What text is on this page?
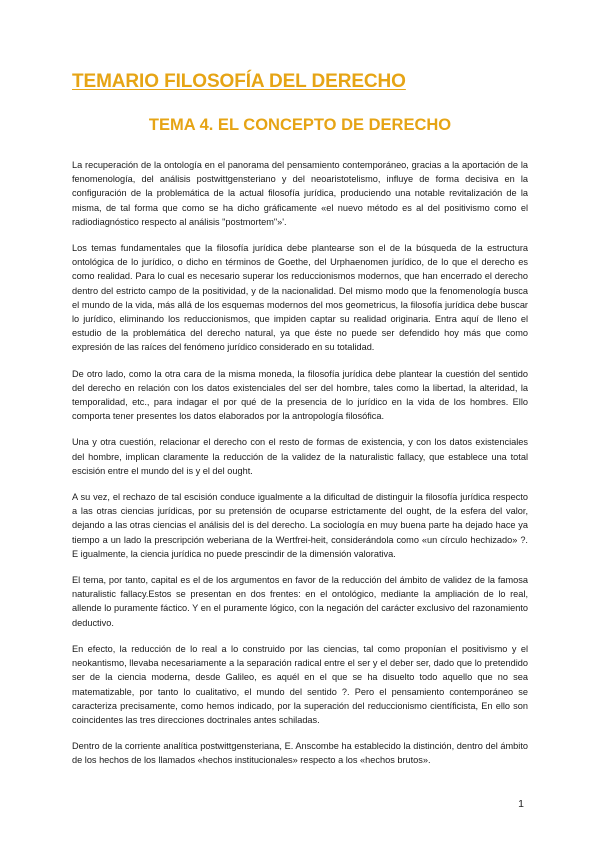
TEMARIO FILOSOFÍA DEL DERECHO
TEMA 4. EL CONCEPTO DE DERECHO

La recuperación de la ontología en el panorama del pensamiento contemporáneo, gracias a la aportación de la fenomenología, del análisis postwittgensteriano y del neoaristotelismo, influye de forma decisiva en la configuración de la problemática de la actual filosofía jurídica, produciendo una notable revitalización de la misma, de tal forma que como se ha dicho gráficamente «el nuevo método es al del positivismo como el radiodiagnóstico respecto al análisis "postmortem"»'.

Los temas fundamentales que la filosofía jurídica debe plantearse son el de la búsqueda de la estructura ontológica de lo jurídico, o dicho en términos de Goethe, del Urphaenomen jurídico, de lo que el derecho es como realidad. Para lo cual es necesario superar los reduccionismos modernos, que han encerrado el derecho dentro del estricto campo de la positividad, y de la nacionalidad. Del mismo modo que la fenomenología busca el mundo de la vida, más allá de los esquemas modernos del mos geometricus, la filosofía jurídica debe buscar lo jurídico, eliminando los reduccionismos, que impiden captar su realidad originaria. Entra aquí de lleno el estudio de la problemática del derecho natural, ya que éste no puede ser defendido hoy más que como expresión de las raíces del fenómeno jurídico considerado en su totalidad.

De otro lado, como la otra cara de la misma moneda, la filosofía jurídica debe plantear la cuestión del sentido del derecho en relación con los datos existenciales del ser del hombre, tales como la libertad, la alteridad, la temporalidad, etc., para indagar el por qué de la presencia de lo jurídico en la vida de los hombres. Ello comporta tener presentes los datos elaborados por la antropología filosófica.

Una y otra cuestión, relacionar el derecho con el resto de formas de existencia, y con los datos existenciales del hombre, implican claramente la reducción de la validez de la naturalistic fallacy, que establece una total escisión entre el mundo del is y el del ought.

A su vez, el rechazo de tal escisión conduce igualmente a la dificultad de distinguir la filosofía jurídica respecto a las otras ciencias jurídicas, por su pretensión de ocuparse estrictamente del ought, de la esfera del valor, dejando a las otras ciencias el análisis del is del derecho. La sociología en muy buena parte ha dejado hace ya tiempo a un lado la prescripción weberiana de la Wertfrei-heit, considerándola como «un círculo hechizado» ?. E igualmente, la ciencia jurídica no puede prescindir de la dimensión valorativa.

El tema, por tanto, capital es el de los argumentos en favor de la reducción del ámbito de validez de la famosa naturalistic fallacy.Estos se presentan en dos frentes: en el ontológico, mediante la ampliación de lo real, allende lo puramente fáctico. Y en el puramente lógico, con la negación del carácter exclusivo del razonamiento deductivo.

En efecto, la reducción de lo real a lo construido por las ciencias, tal como proponían el positivismo y el neokantismo, llevaba necesariamente a la separación radical entre el ser y el deber ser, dado que lo pretendido ser de la ciencia moderna, desde Galileo, es aquél en el que se ha disuelto todo aquello que no sea matematizable, por tanto lo cualitativo, el mundo del sentido ?. Pero el pensamiento contemporáneo se caracteriza precisamente, como hemos indicado, por la superación del reduccionismo científicista, En ello son coincidentes las tres direcciones doctrinales antes schiladas.

Dentro de la corriente analítica postwittgensteriana, E. Anscombe ha establecido la distinción, dentro del ámbito de los hechos de los llamados «hechos institucionales» respecto a los «hechos brutos».

1
